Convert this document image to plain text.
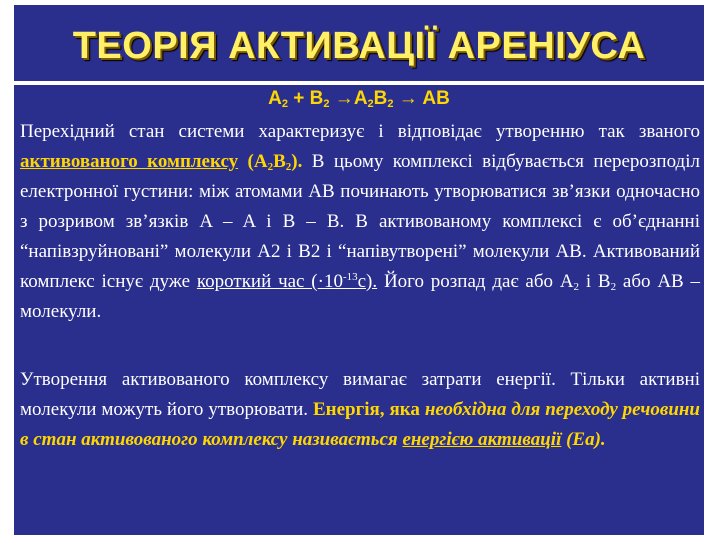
ТЕОРІЯ АКТИВАЦІЇ АРЕНІУСА
$A_2 + B_2 \to A_2B_2$ → AB
Перехідний стан системи характеризує і відповідає утворенню так званого активованого комплексу $(A_2B_2)$. В цьому комплексі відбувається перерозподіл електронної густини: між атомами AB починають утворюватися зв’язки одночасно з розривом зв’язків A – A і B – B. В активованому комплексі є об’єднанні “напівзруйновані” молекули A2 і B2 і “напівутворені” молекули AB. Активований комплекс існує дуже короткий час $(\cdot 10^{-13}с)$. Його розпад дає або $A_2$ і $B_2$ або AB – молекули.
Утворення активованого комплексу вимагає затрати енергії. Тільки активні молекули можуть його утворювати. Енергія, яка необхідна для переходу речовини в стан активованого комплексу називається енергією активації (Еа).
